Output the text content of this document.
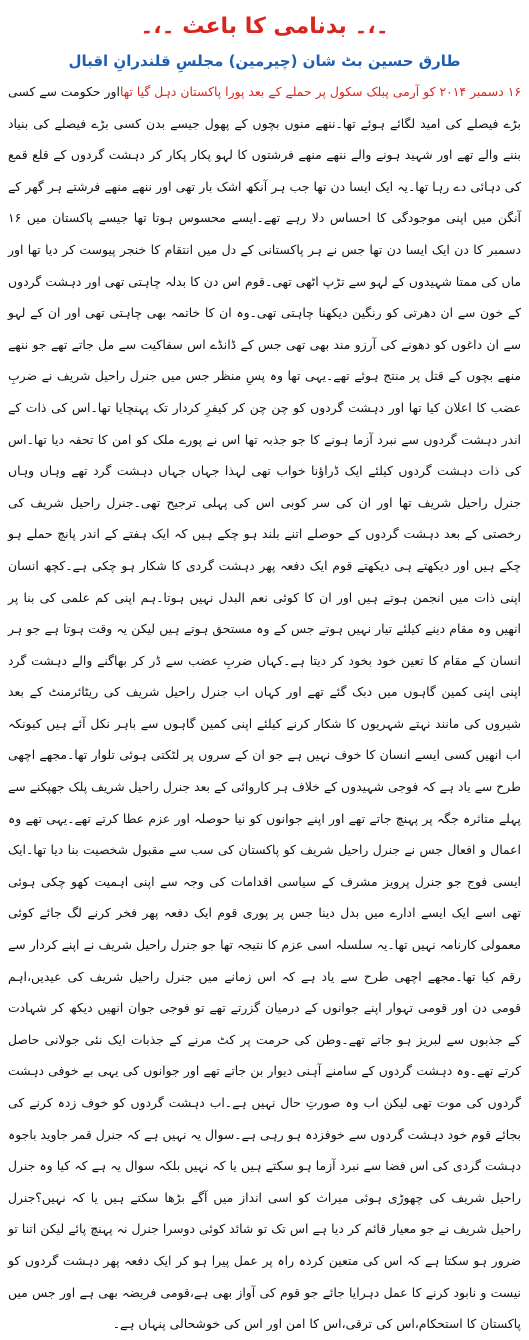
۔،۔ بدنامی کا باعث ۔،۔
طارق حسین بٹ شان (چیرمین) مجلسِ قلندرانِ اقبال

۱۶ دسمبر ۲۰۱۴ کو آرمی پبلک سکول پر حملے کے بعد پورا پاکستان دہل گیا تھااور حکومت سے کسی بڑے فیصلے کی امید لگائے ہوئے تھا۔ننھے منوں بچوں کے پھول جیسے بدن کسی بڑے فیصلے کی بنیاد بننے والے تھے اور شہید ہونے والے ننھے منھے فرشتوں کا لہو پکار پکار کر دہشت گردوں کے قلع قمع کی دہائی دے رہا تھا۔یہ ایک ایسا دن تھا جب ہر آنکھ اشک بار تھی اور ننھے منھے فرشتے ہر گھر کے آنگن میں اپنی موجودگی کا احساس دلا رہے تھے۔ایسے محسوس ہوتا تھا جیسے پاکستان میں ۱۶ دسمبر کا دن ایک ایسا دن تھا جس نے ہر پاکستانی کے دل میں انتقام کا خنجر پیوست کر دیا تھا اور ماں کی ممتا شہیدوں کے لہو سے تڑپ اٹھی تھی۔قوم اس دن کا بدلہ چاہتی تھی اور دہشت گردوں کے خون سے ان دھرتی کو رنگین دیکھنا چاہتی تھی۔وہ ان کا خاتمہ بھی چاہتی تھی اور ان کے لہو سے ان داغوں کو دھونے کی آرزو مند بھی تھی جس کے ڈانڈے اس سفاکیت سے مل جاتے تھے جو ننھے منھے بچوں کے قتل پر منتج ہوئے تھے۔یہی تھا وہ پسِ منظر جس میں جنرل راحیل شریف نے ضربِ عضب کا اعلان کیا تھا اور دہشت گردوں کو چن چن کر کیفرِ کردار تک پہنچایا تھا۔اس کی ذات کے اندر دہشت گردوں سے نبرد آزما ہونے کا جو جذبہ تھا اس نے پورے ملک کو امن کا تحفہ دیا تھا۔اس کی ذات دہشت گردوں کیلئے ایک ڈراؤنا خواب تھی لہذا جہاں جہاں دہشت گرد تھے وہاں وہاں جنرل راحیل شریف تھا اور ان کی سر کوبی اس کی پہلی ترجیح تھی۔جنرل راحیل شریف کی رخصتی کے بعد دہشت گردوں کے حوصلے اتنے بلند ہو چکے ہیں کہ ایک ہفتے کے اندر پانچ حملے ہو چکے ہیں اور دیکھتے ہی دیکھتے قوم ایک دفعہ پھر دہشت گردی کا شکار ہو چکی ہے۔کچھ انسان اپنی ذات میں انجمن ہوتے ہیں اور ان کا کوئی نعم البدل نہیں ہوتا۔ہم اپنی کم علمی کی بنا پر انھیں وہ مقام دینے کیلئے تیار نہیں ہوتے جس کے وہ مستحق ہوتے ہیں لیکن یہ وقت ہوتا ہے جو ہر انسان کے مقام کا تعین خود بخود کر دیتا ہے۔کہاں ضربِ عضب سے ڈر کر بھاگنے والے دہشت گرد اپنی اپنی کمین گاہوں میں دبک گئے تھے اور کہاں اب جنرل راحیل شریف کی ریٹائرمنٹ کے بعد شیروں کی مانند نہتے شہریوں کا شکار کرنے کیلئے اپنی کمین گاہوں سے باہر نکل آئے ہیں کیونکہ اب انھیں کسی ایسے انسان کا خوف نہیں ہے جو ان کے سروں پر لٹکتی ہوئی تلوار تھا۔مجھے اچھی طرح سے یاد ہے کہ فوجی شہیدوں کے خلاف ہر کاروائی کے بعد جنرل راحیل شریف پلک جھپکنے سے پہلے متاثرہ جگہ پر پہنچ جاتے تھے اور اپنے جوانوں کو نیا حوصلہ اور عزم عطا کرتے تھے۔یہی تھے وہ اعمال و افعال جس نے جنرل راحیل شریف کو پاکستان کی سب سے مقبول شخصیت بنا دیا تھا۔ایک ایسی فوج جو جنرل پرویز مشرف کے سیاسی اقدامات کی وجہ سے اپنی اہمیت کھو چکی ہوئی تھی اسے ایک ایسے ادارے میں بدل دینا جس پر پوری قوم ایک دفعہ پھر فخر کرنے لگ جائے کوئی معمولی کارنامہ نہیں تھا۔یہ سلسلہ اسی عزم کا نتیجہ تھا جو جنرل راحیل شریف نے اپنے کردار سے رقم کیا تھا۔مجھے اچھی طرح سے یاد ہے کہ اس زمانے میں جنرل راحیل شریف کی عیدیں،اہم قومی دن اور قومی تہوار اپنے جوانوں کے درمیان گزرتے تھے تو فوجی جوان انھیں دیکھ کر شہادت کے جذبوں سے لبریز ہو جاتے تھے۔وطن کی حرمت پر کٹ مرنے کے جذبات ایک نئی جولانی حاصل کرتے تھے۔وہ دہشت گردوں کے سامنے آہنی دیوار بن جاتے تھے اور جوانوں کی یہی بے خوفی دہشت گردوں کی موت تھی لیکن اب وہ صورتِ حال نہیں ہے۔اب دہشت گردوں کو خوف زدہ کرنے کی بجائے قوم خود دہشت گردوں سے خوفزدہ ہو رہی ہے۔سوال یہ نہیں ہے کہ جنرل قمر جاوید باجوہ دہشت گردی کی اس فضا سے نبرد آزما ہو سکتے ہیں یا کہ نہیں بلکہ سوال یہ ہے کہ کیا وہ جنرل راحیل شریف کی چھوڑی ہوئی میراث کو اسی انداز میں آگے بڑھا سکتے ہیں یا کہ نہیں؟جنرل راحیل شریف نے جو معیار قائم کر دیا ہے اس تک تو شائد کوئی دوسرا جنرل نہ پہنچ پائے لیکن اتنا تو ضرور ہو سکتا ہے کہ اس کی متعین کردہ راہ پر عمل پیرا ہو کر ایک دفعہ پھر دہشت گردوں کو نیست و نابود کرنے کا عمل دہرایا جائے جو قوم کی آواز بھی ہے،قومی فریضہ بھی ہے اور جس میں پاکستان کا استحکام،اس کی ترقی،اس کا امن اور اس کی خوشحالی پنہاں ہے۔
